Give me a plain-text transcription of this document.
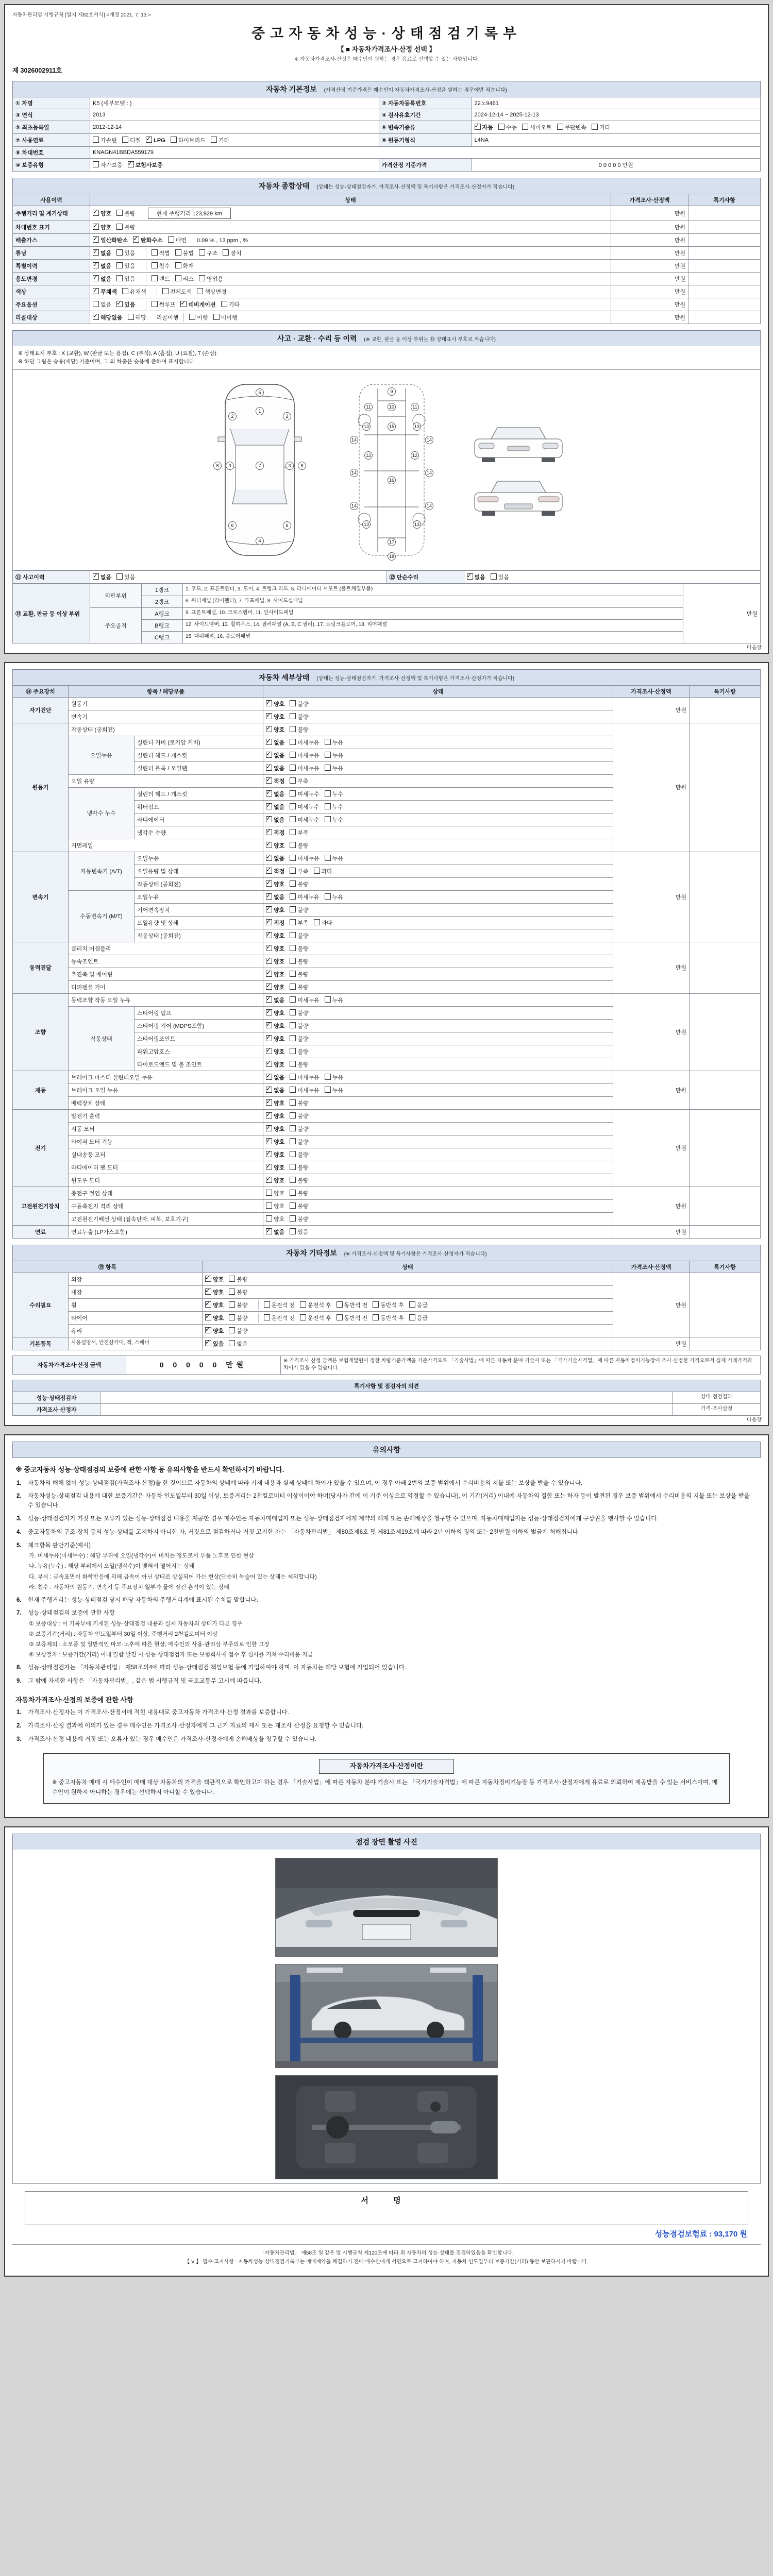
자동차관리법 시행규칙 [별지 제82호서식] <개정 2021. 7. 13.>
중고자동차성능·상태점검기록부
【 ■ 자동차가격조사·산정 선택 】
※ 자동차가격조사·산정은 매수인이 원하는 경우 유료로 선택할 수 있는 사항입니다.
제 3026002911호
자동차 기본정보 (가격산정 기준가격은 매수인이 자동차가격조사·산정을 원하는 경우에만 적습니다)
① 차명	K5 (세부모델 : )	② 자동차등록번호	22노9461
③ 연식	2013	④ 검사유효기간	2024-12-14 ~ 2025-12-13
⑤ 최초등록일	2012-12-14	⑥ 변속기종류	✓자동 수동 세미오토 무단변속 기타
⑦ 사용연료	가솔린 디젤 ✓ LPG 하이브리드 기타	⑧ 원동기형식	L4NA
⑨ 차대번호	KNAGN41BBDA559179		
⑩ 보증유형	자가보증 ✓ 보험사보증	가격산정 기준가격	0 0 0 0 0 만원
자동차 종합상태 (상태는 성능·상태점검자가, 가격조사·산정액 및 특기사항은 가격조사·산정자가 적습니다)
사용이력	상태	가격조사·산정액	특기사항
주행거리 및 계기상태	✓양호 불량 현재 주행거리 123,929 km	만원	
차대번호 표기	✓양호 불량	만원	
배출가스	✓일산화탄소 ✓ 탄화수소 매연 0.09 % , 13 ppm , %	만원	
튜닝	✓없음 있음 적법 불법 구조 장치	만원	
특별이력	✓없음 있음 침수 화재	만원	
용도변경	✓없음 있음 렌트 리스 영업용	만원	
색상	✓무채색 유채색 전체도색 색상변경	만원	
주요옵션	없음 ✓ 있음 썬루프 ✓ 네비게이션 기타	만원	
리콜대상	✓해당없음 해당 리콜이행 이행 미이행	만원	
사고 · 교환 · 수리 등 이력 (※ 교환, 판금 등 이상 부위는 ⑬ 상태표시 부호로 적습니다)
※ 상태표시 부호 : X (교환), W (판금 또는 용접), C (부식), A (흠집), U (요철), T (손상)
※ 하단 그림은 승용(세단) 기준이며, 그 외 차종은 승용에 준하여 표시합니다.
5
1
2	2
3	3
7
8	8
6	6
4
9
10
11	11
15
13	13
12	12
14
14
14
14
14
14
16
13	13
17
18
⑪ 사고이력	✓없음 있음	⑫ 단순수리	✓없음 있음
⑬ 교환, 판금 등 이상 부위	외판부위	1랭크	1. 후드, 2. 프론트펜더, 3. 도어, 4. 트렁크 리드, 5. 라디에이터 서포트 (볼트체결부품)	만원
		2랭크	6. 쿼터패널 (리어펜더), 7. 루프패널, 8. 사이드실패널	
	주요골격	A랭크	9. 프론트패널, 10. 크로스멤버, 11. 인사이드패널	
		B랭크	12. 사이드멤버, 13. 휠하우스, 14. 필러패널 (A, B, C 필러), 17. 트렁크플로어, 18. 리어패널	
		C랭크	15. 대쉬패널, 16. 플로어패널	
다음장
자동차 세부상태 (상태는 성능·상태점검자가, 가격조사·산정액 및 특기사항은 가격조사·산정자가 적습니다)
⑭ 주요장치	항목 / 해당부품		상태	가격조사·산정액	특기사항
자기진단	원동기	✓양호 불량	만원	
	변속기	✓양호 불량
원동기	작동상태 (공회전)	✓양호 불량	만원	
	오일누유	실린더 커버 (로커암 커버)	✓없음 미세누유 누유
		실린더 헤드 / 개스킷	✓없음 미세누유 누유
		실린더 블록 / 오일팬	✓없음 미세누유 누유
	오일 유량	✓적정 부족
	냉각수 누수	실린더 헤드 / 개스킷	✓없음 미세누수 누수
		워터펌프	✓없음 미세누수 누수
		라디에이터	✓없음 미세누수 누수
		냉각수 수량	✓적정 부족
	커먼레일	✓양호 불량
변속기	자동변속기 (A/T)	오일누유	✓없음 미세누유 누유	만원	
		오일유량 및 상태	✓적정 부족 과다
		작동상태 (공회전)	✓양호 불량
	수동변속기 (M/T)	오일누유	✓없음 미세누유 누유
		기어변속장치	✓양호 불량
		오일유량 및 상태	✓적정 부족 과다
		작동상태 (공회전)	✓양호 불량
동력전달	클러치 어셈블리	✓양호 불량	만원	
	등속조인트	✓양호 불량
	추진축 및 베어링	✓양호 불량
	디퍼렌셜 기어	✓양호 불량
조향	동력조향 작동 오일 누유	✓없음 미세누유 누유	만원	
	작동상태	스티어링 펌프	✓양호 불량
		스티어링 기어 (MDPS포함)	✓양호 불량
		스티어링조인트	✓양호 불량
		파워고압호스	✓양호 불량
		타이로드엔드 및 볼 조인트	✓양호 불량
제동	브레이크 마스터 실린더오일 누유	✓없음 미세누유 누유	만원	
	브레이크 오일 누유	✓없음 미세누유 누유
	배력장치 상태	✓양호 불량
전기	발전기 출력	✓양호 불량	만원	
	시동 모터	✓양호 불량
	와이퍼 모터 기능	✓양호 불량
	실내송풍 모터	✓양호 불량
	라디에이터 팬 모터	✓양호 불량
	윈도우 모터	✓양호 불량
고전원전기장치	충전구 절연 상태		양호 불량	만원	
	구동축전지 격리 상태		양호 불량		
	고전원전기배선 상태 (접속단자, 피복, 보호기구)		양호 불량		
연료	연료누출 (LP가스포함)	✓없음 있음	만원	
자동차 기타정보 (※ 가격조사·산정액 및 특기사항은 가격조사·산정자가 적습니다)
⑮ 항목		상태	가격조사·산정액	특기사항
수리필요	외장	✓양호 불량	만원	
	내장	✓양호 불량
	휠	✓양호 불량 운전석 전 운전석 후 동반석 전 동반석 후 응급
	타이어	✓양호 불량 운전석 전 운전석 후 동반석 전 동반석 후 응급
	유리	✓양호 불량
기본품목	사용설명서, 안전삼각대, 잭, 스패너	✓있음 없음	만원	
자동차가격조사·산정 금액	0 0 0 0 0 만원	※ 가격조사·산정 금액은 보험개발원이 정한 차량기준가액을 기준가격으로 「기술사법」에 따른 자동차 분야 기술사 또는 「국가기술자격법」에 따른 자동차정비기능장이 조사·산정한 가격으로서 실제 거래가격과 차이가 있을 수 있습니다.
특기사항 및 점검자의 의견		
성능·상태점검자		상태·점검결과
가격조사·산정자		가격·조사산정
다음장
유의사항
※ 중고자동차 성능·상태점검의 보증에 관한 사항 등 유의사항을 반드시 확인하시기 바랍니다.
1.	자동차의 해체 없이 성능·상태점검(가격조사·산정)을 한 것이므로 자동차의 상태에 따라 기재 내용과 실제 상태에 차이가 있을 수 있으며, 이 경우 아래 2번의 보증 범위에서 수리비용의 지불 또는 보상을 받을 수 있습니다.
2.	자동차성능·상태점검 내용에 대한 보증기간은 자동차 인도일부터 30일 이상, 보증거리는 2천킬로미터 이상이어야 하며(당사자 간에 이 기준 이상으로 약정할 수 있습니다), 이 기간(거리) 이내에 자동차의 결함 또는 하자 등이 발견된 경우 보증 범위에서 수리비용의 지불 또는 보상을 받을 수 있습니다.
3.	성능·상태점검자가 거짓 또는 오류가 있는 성능·상태점검 내용을 제공한 경우 매수인은 자동차매매업자 또는 성능·상태점검자에게 계약의 해제 또는 손해배상을 청구할 수 있으며, 자동차매매업자는 성능·상태점검자에게 구상권을 행사할 수 있습니다.
4.	중고자동차의 구조·장치 등의 성능·상태를 고지하지 아니한 자, 거짓으로 점검하거나 거짓 고지한 자는 「자동차관리법」 제80조제6호 및 제81조제19호에 따라 2년 이하의 징역 또는 2천만원 이하의 벌금에 처해집니다.
5.	체크항목 판단기준(예시)
가. 미세누유(미세누수) : 해당 부위에 오일(냉각수)이 비치는 정도로서 부품 노후로 인한 현상
나. 누유(누수) : 해당 부위에서 오일(냉각수)이 맺혀서 떨어지는 상태
다. 부식 : 금속표면이 화학반응에 의해 금속이 아닌 상태로 상실되어 가는 현상(단순히 녹슬어 있는 상태는 제외합니다)
라. 침수 : 자동차의 원동기, 변속기 등 주요장치 일부가 물에 잠긴 흔적이 있는 상태
6.	현재 주행거리는 성능·상태점검 당시 해당 자동차의 주행거리계에 표시된 수치를 말합니다.
7.	성능·상태점검의 보증에 관한 사항
① 보증대상 : 이 기록부에 기재된 성능·상태점검 내용과 실제 자동차의 상태가 다른 경우
② 보증기간(거리) : 자동차 인도일부터 30일 이상, 주행거리 2천킬로미터 이상
③ 보증제외 : 소모품 및 일반적인 마모·노후에 따른 현상, 매수인의 사용·관리상 부주의로 인한 고장
④ 보상절차 : 보증기간(거리) 이내 결함 발견 시 성능·상태점검자 또는 보험회사에 접수 후 심사를 거쳐 수리비용 지급
8.	성능·상태점검자는 「자동차관리법」 제58조의4에 따라 성능·상태점검 책임보험 등에 가입하여야 하며, 이 자동차는 해당 보험에 가입되어 있습니다.
9.	그 밖에 자세한 사항은 「자동차관리법」, 같은 법 시행규칙 및 국토교통부 고시에 따릅니다.
자동차가격조사·산정의 보증에 관한 사항
1.	가격조사·산정자는 이 가격조사·산정서에 적힌 내용대로 중고자동차 가격조사·산정 결과를 보증합니다.
2.	가격조사·산정 결과에 이의가 있는 경우 매수인은 가격조사·산정자에게 그 근거 자료의 제시 또는 재조사·산정을 요청할 수 있습니다.
3.	가격조사·산정 내용에 거짓 또는 오류가 있는 경우 매수인은 가격조사·산정자에게 손해배상을 청구할 수 있습니다.
자동차가격조사·산정이란
※ 중고자동차 매매 시 매수인이 매매 대상 자동차의 가격을 객관적으로 확인하고자 하는 경우 「기술사법」에 따른 자동차 분야 기술사 또는 「국가기술자격법」에 따른 자동차정비기능장 등 가격조사·산정자에게 유료로 의뢰하여 제공받을 수 있는 서비스이며, 매수인이 원하지 아니하는 경우에는 선택하지 아니할 수 있습니다.
점검 장면 촬영 사진
서 명
성능점검보험료 : 93,170 원
「자동차관리법」 제58조 및 같은 법 시행규칙 제120조에 따라 위 자동차의 성능·상태를 점검하였음을 확인합니다.
【 V 】 필수 고지사항 : 자동차성능·상태점검기록부는 매매계약을 체결하기 전에 매수인에게 서면으로 고지하여야 하며, 자동차 인도일부터 보증기간(거리) 동안 보관하시기 바랍니다.
